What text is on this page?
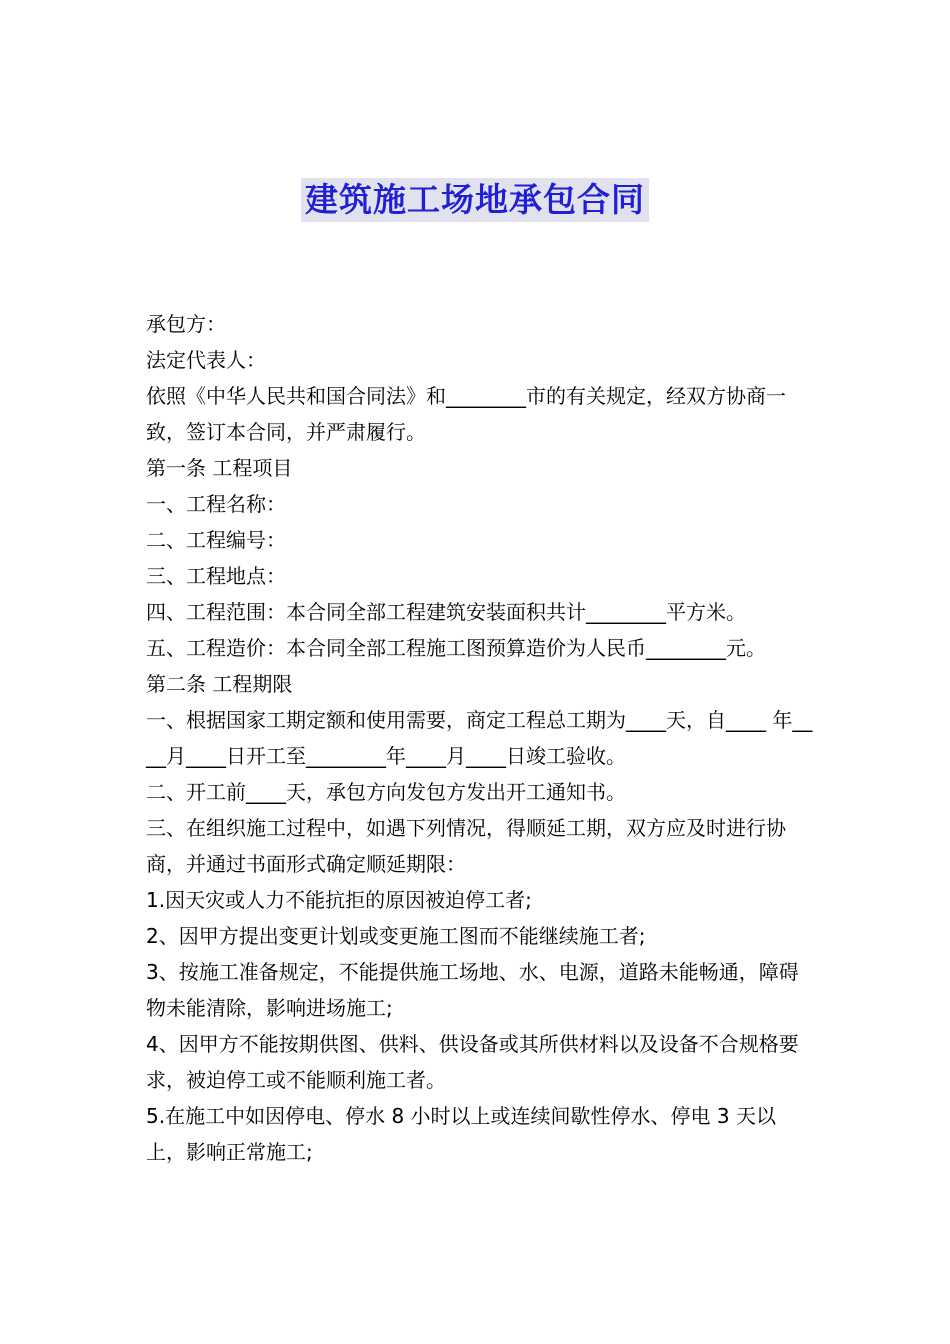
建筑施工场地承包合同

承包方：

法定代表人：

依照《中华人民共和国合同法》和________市的有关规定，经双方协商一致，签订本合同，并严肃履行。

第一条 工程项目

一、工程名称：

二、工程编号：

三、工程地点：

四、工程范围：本合同全部工程建筑安装面积共计________平方米。

五、工程造价：本合同全部工程施工图预算造价为人民币________元。

第二条 工程期限

一、根据国家工期定额和使用需要，商定工程总工期为____天，自____ 年____月____日开工至________年____月____日竣工验收。

二、开工前____天，承包方向发包方发出开工通知书。

三、在组织施工过程中，如遇下列情况，得顺延工期，双方应及时进行协商，并通过书面形式确定顺延期限：

1.因天灾或人力不能抗拒的原因被迫停工者;

2、因甲方提出变更计划或变更施工图而不能继续施工者;

3、按施工准备规定，不能提供施工场地、水、电源，道路未能畅通，障碍物未能清除，影响进场施工;

4、因甲方不能按期供图、供料、供设备或其所供材料以及设备不合规格要求，被迫停工或不能顺利施工者。

5.在施工中如因停电、停水 8 小时以上或连续间歇性停水、停电 3 天以上，影响正常施工;
